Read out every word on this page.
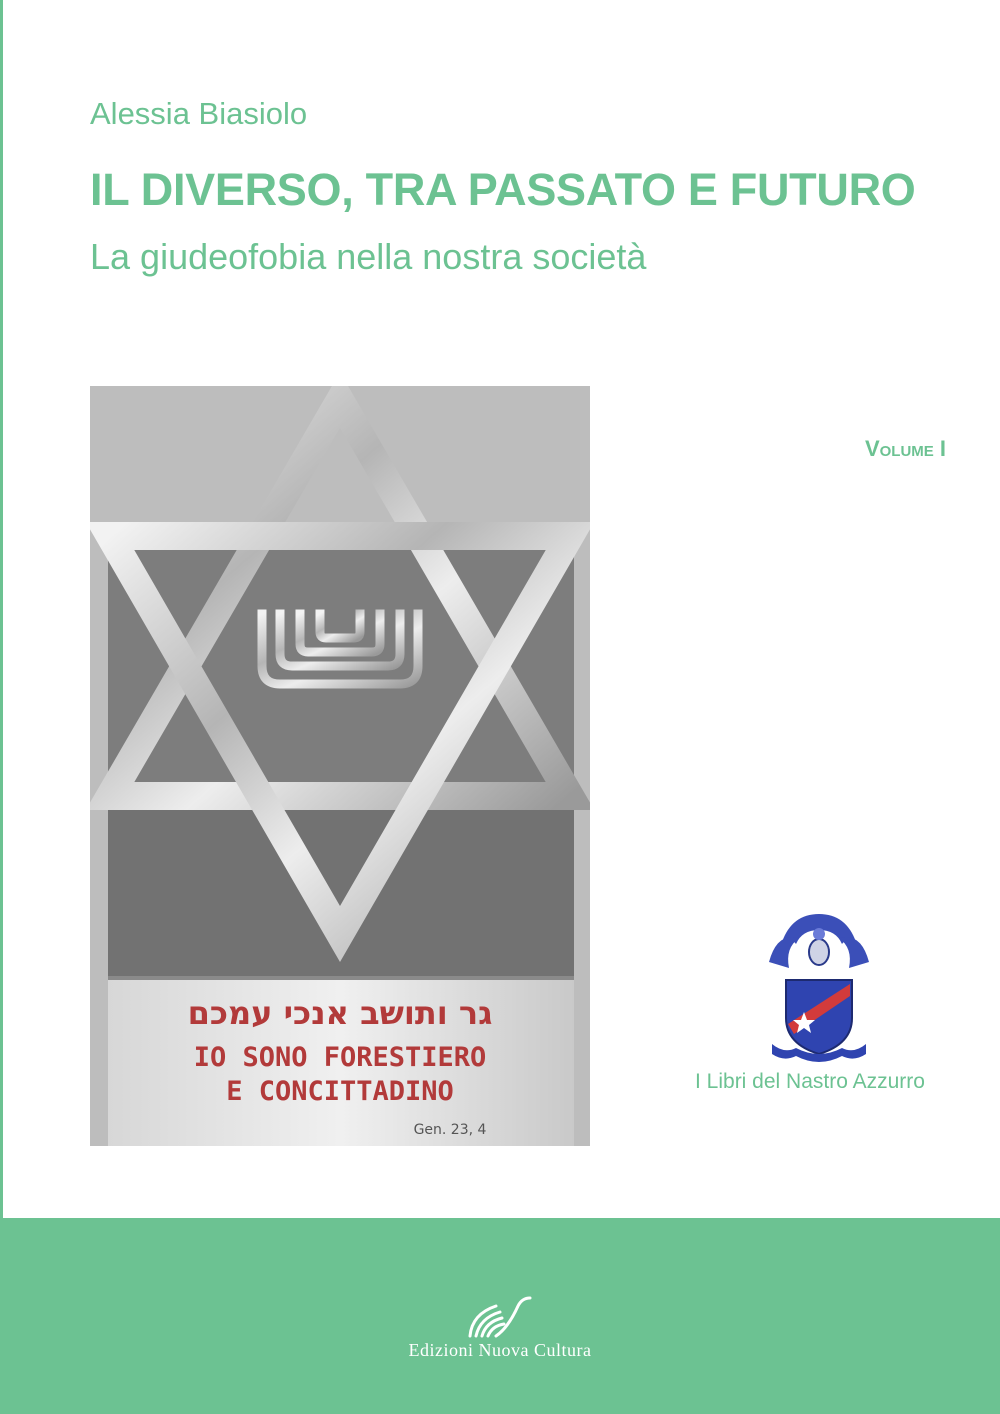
Alessia Biasiolo
IL DIVERSO, TRA PASSATO E FUTURO
La giudeofobia nella nostra società
Volume I
גר ותושב אנכי עמכם
IO SONO FORESTIERO
E CONCITTADINO
Gen. 23, 4
I Libri del Nastro Azzurro
Edizioni Nuova Cultura
